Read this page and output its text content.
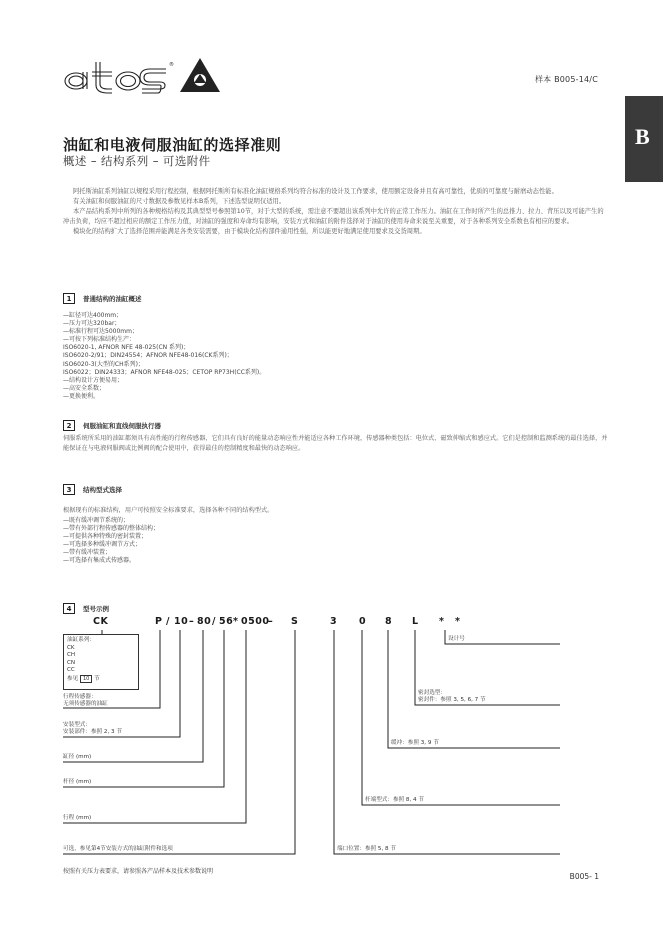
®
样本 B005-14/C
B
油缸和电液伺服油缸的选择准则
概述 – 结构系列 – 可选附件

阿托斯油缸系列油缸以规程采用行程控制，根据阿托斯所有标准化油缸规格系列均符合标准的设计及工作要求，使用额定设备并且有高可靠性，优质的可靠度与耐磨动态性能。

有关油缸和伺服油缸的尺寸数据及参数见样本B系列，下述选型说明仅适用。

本产品结构系列中所列的各种规格结构及其典型型号参照第10节，对于大型的系统，需注意不要超出该系列中允许的正常工作压力。油缸在工作时所产生的总推力、拉力、背压以及可能产生的冲击负荷，均应不超过相应的额定工作压力值，对油缸的强度和寿命均有影响，安装方式和油缸的附件选择对于油缸的使用寿命来说至关重要，对于各种系列安全系数也有相应的要求。

模块化的结构扩大了选择范围并能满足各类安装需要，由于模块化结构部件通用性强，所以能更好地满足使用要求及交货周期。

1	普通结构的油缸概述
—缸径可达400mm；
—压力可达320bar；
—标准行程可达5000mm；
—可按下列标准结构生产：
ISO6020-1, AFNOR NFE 48-025(CN 系列)；
ISO6020-2/91；DIN24554；AFNOR NFE48-016(CK系列)；
ISO6020-3(大型的CH系列)；
ISO6022；DIN24333；AFNOR NFE48-025；CETOP RP73H(CC系列)。
—结构设计方便易用；
—高安全系数；
—更换便利。
2	伺服油缸和直线伺服执行器
伺服系统所采用的油缸都须具有高性能的行程传感器，它们具有良好的能量动态响应性并能适应各种工作环境，传感器种类包括：电位式、磁致伸缩式和感应式。它们是控制和监测系统的最佳选择，并能保证在与电液伺服阀或比例阀的配合使用中，获得最佳的控制精度和最快的动态响应。
3	结构型式选择
根据现有的标准结构，用户可按照安全标准要求，选择各种不同的结构型式。
—既有缓冲调节系统的；
—带有外部行程传感器的整体结构；
—可提供各种特殊的密封装置；
—可选择多种缓冲调节方式；
—带有缓冲装置；
—可选择有集成式传感器。
4	型号示例
CK	P / 10 – 80 / 56 * 0500
– S	3 0 8 L * *
油缸系列：
CK
CH
CN
CC
参见 10 节
行程传感器：
无须传感器的油缸
安装型式：
安装部件：参照 2, 3 节
缸径 (mm)
杆径 (mm)
行程 (mm)
可选，参见第4节安装方式的油缸附件和选项
设计号
密封选型：
密封件：参照 3, 5, 6, 7 节
缓冲：参照 3, 9 节
杆端型式：参照 8, 4 节
端口位置：参照 5, 8 节
按照有关压力表要求，请参照各产品样本及技术参数说明
B005- 1
